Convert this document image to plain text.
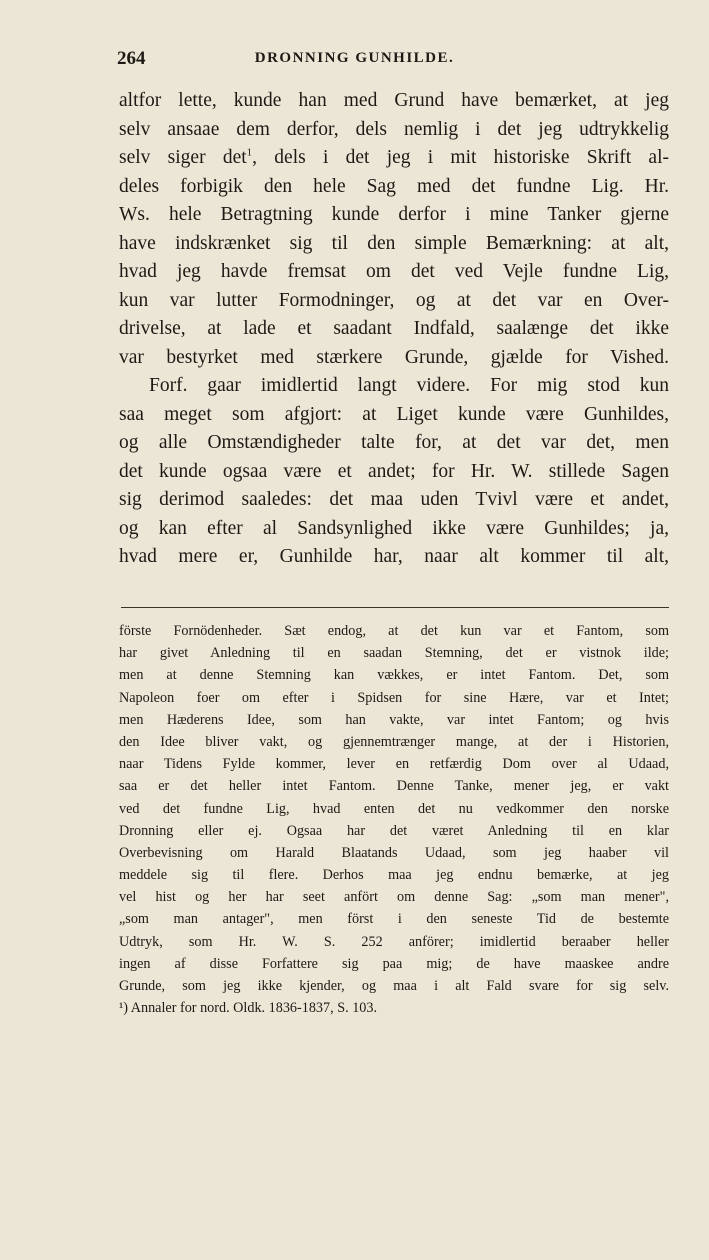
264	DRONNING GUNHILDE.
altfor lette, kunde han med Grund have bemærket, at jeg
selv ansaae dem derfor, dels nemlig i det jeg udtrykkelig
selv siger $\det^1$, dels i det jeg i mit historiske Skrift al-
deles forbigik den hele Sag med det fundne Lig. Hr.
Ws. hele Betragtning kunde derfor i mine Tanker gjerne
have indskrænket sig til den simple Bemærkning: at alt,
hvad jeg havde fremsat om det ved Vejle fundne Lig,
kun var lutter Formodninger, og at det var en Over-
drivelse, at lade et saadant Indfald, saalænge det ikke
var bestyrket med stærkere Grunde, gjælde for Vished.
Forf. gaar imidlertid langt videre. For mig stod kun
saa meget som afgjort: at Liget kunde være Gunhildes,
og alle Omstændigheder talte for, at det var det, men
det kunde ogsaa være et andet; for Hr. W. stillede Sagen
sig derimod saaledes: det maa uden Tvivl være et andet,
og kan efter al Sandsynlighed ikke være Gunhildes; ja,
hvad mere er, Gunhilde har, naar alt kommer til alt,
förste Fornödenheder. Sæt endog, at det kun var et Fantom, som
har givet Anledning til en saadan Stemning, det er vistnok ilde;
men at denne Stemning kan vækkes, er intet Fantom. Det, som
Napoleon foer om efter i Spidsen for sine Hære, var et Intet;
men Hæderens Idee, som han vakte, var intet Fantom; og hvis
den Idee bliver vakt, og gjennemtrænger mange, at der i Historien,
naar Tidens Fylde kommer, lever en retfærdig Dom over al Udaad,
saa er det heller intet Fantom. Denne Tanke, mener jeg, er vakt
ved det fundne Lig, hvad enten det nu vedkommer den norske
Dronning eller ej. Ogsaa har det været Anledning til en klar
Overbevisning om Harald Blaatands Udaad, som jeg haaber vil
meddele sig til flere. Derhos maa jeg endnu bemærke, at jeg
vel hist og her har seet anfört om denne Sag: „som man mener",
„som man antager", men först i den seneste Tid de bestemte
Udtryk, som Hr. W. S. 252 anförer; imidlertid beraaber heller
ingen af disse Forfattere sig paa mig; de have maaskee andre
Grunde, som jeg ikke kjender, og maa i alt Fald svare for sig selv.
¹) Annaler for nord. Oldk. 1836-1837, S. 103.
